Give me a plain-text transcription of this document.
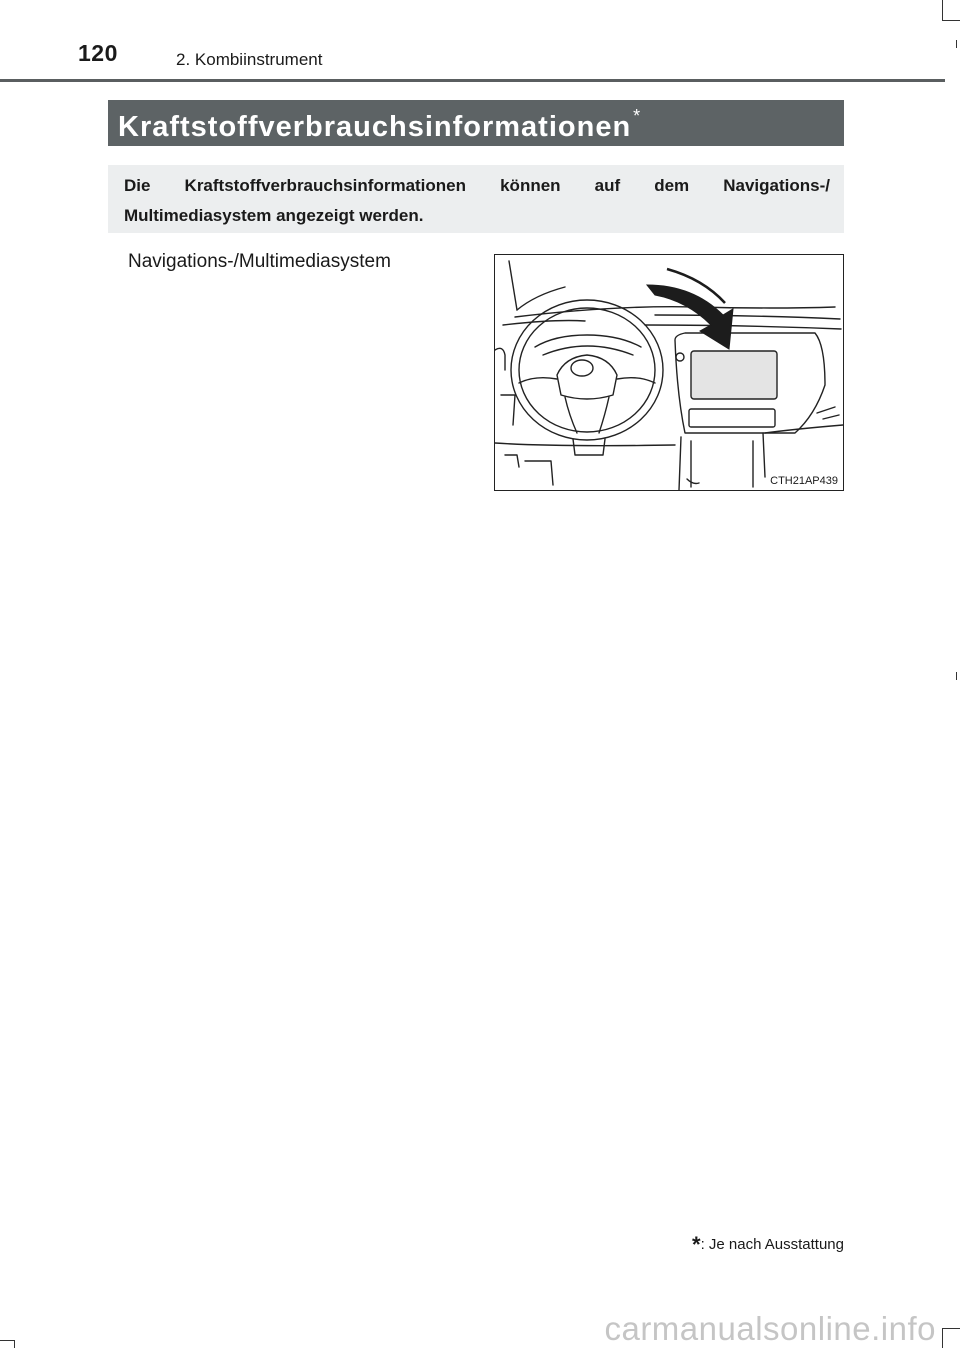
120	2. Kombiinstrument
Kraftstoffverbrauchsinformationen *
Die Kraftstoffverbrauchsinformationen können auf dem Navigations-/ Multimediasystem angezeigt werden.
Navigations-/Multimediasystem
CTH21AP439
*: Je nach Ausstattung
carmanualsonline.info
